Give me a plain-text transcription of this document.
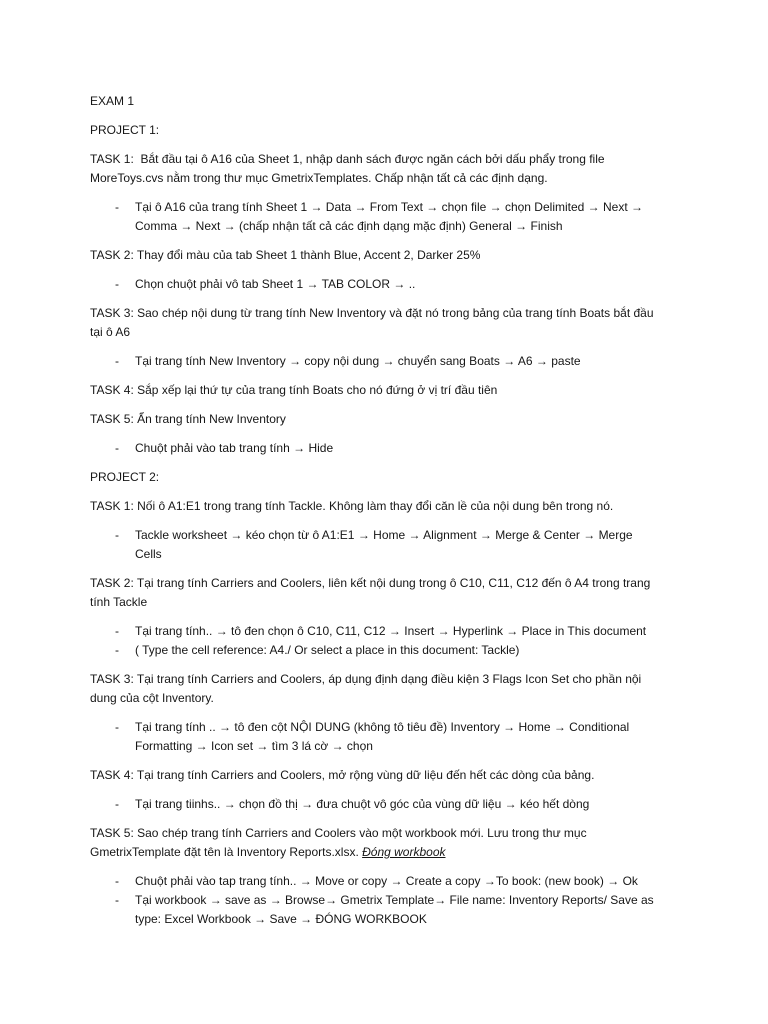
EXAM 1
PROJECT 1:
TASK 1:  Bắt đầu tại ô A16 của Sheet 1, nhập danh sách được ngăn cách bởi dấu phẩy trong file
MoreToys.cvs nằm trong thư mục GmetrixTemplates. Chấp nhận tất cả các định dạng.
- Tại ô A16 của trang tính Sheet 1 → Data → From Text → chọn file → chọn Delimited → Next →
Comma → Next → (chấp nhận tất cả các định dạng mặc định) General → Finish
TASK 2: Thay đổi màu của tab Sheet 1 thành Blue, Accent 2, Darker 25%
- Chọn chuột phải vô tab Sheet 1 → TAB COLOR → ..
TASK 3: Sao chép nội dung từ trang tính New Inventory và đặt nó trong bảng của trang tính Boats bắt đầu
tại ô A6
- Tại trang tính New Inventory → copy nội dung → chuyển sang Boats → A6 → paste
TASK 4: Sắp xếp lại thứ tự của trang tính Boats cho nó đứng ở vị trí đầu tiên
TASK 5: Ẩn trang tính New Inventory
- Chuột phải vào tab trang tính → Hide
PROJECT 2:
TASK 1: Nối ô A1:E1 trong trang tính Tackle. Không làm thay đổi căn lề của nội dung bên trong nó.
- Tackle worksheet → kéo chọn từ ô A1:E1 → Home → Alignment → Merge & Center → Merge
Cells
TASK 2: Tại trang tính Carriers and Coolers, liên kết nội dung trong ô C10, C11, C12 đến ô A4 trong trang
tính Tackle
- Tại trang tính.. → tô đen chọn ô C10, C11, C12 → Insert → Hyperlink → Place in This document
- ( Type the cell reference: A4./ Or select a place in this document: Tackle)
TASK 3: Tại trang tính Carriers and Coolers, áp dụng định dạng điều kiện 3 Flags Icon Set cho phần nội
dung của cột Inventory.
- Tại trang tính .. → tô đen cột NỘI DUNG (không tô tiêu đề) Inventory → Home → Conditional
Formatting → Icon set → tìm 3 lá cờ → chọn
TASK 4: Tại trang tính Carriers and Coolers, mở rộng vùng dữ liệu đến hết các dòng của bảng.
- Tại trang tiinhs.. → chọn đồ thị → đưa chuột vô góc của vùng dữ liệu → kéo hết dòng
TASK 5: Sao chép trang tính Carriers and Coolers vào một workbook mới. Lưu trong thư mục
GmetrixTemplate đặt tên là Inventory Reports.xlsx. Đóng workbook
- Chuột phải vào tap trang tính.. → Move or copy → Create a copy →To book: (new book) → Ok
- Tại workbook → save as → Browse→ Gmetrix Template→ File name: Inventory Reports/ Save as
type: Excel Workbook → Save → ĐÓNG WORKBOOK
